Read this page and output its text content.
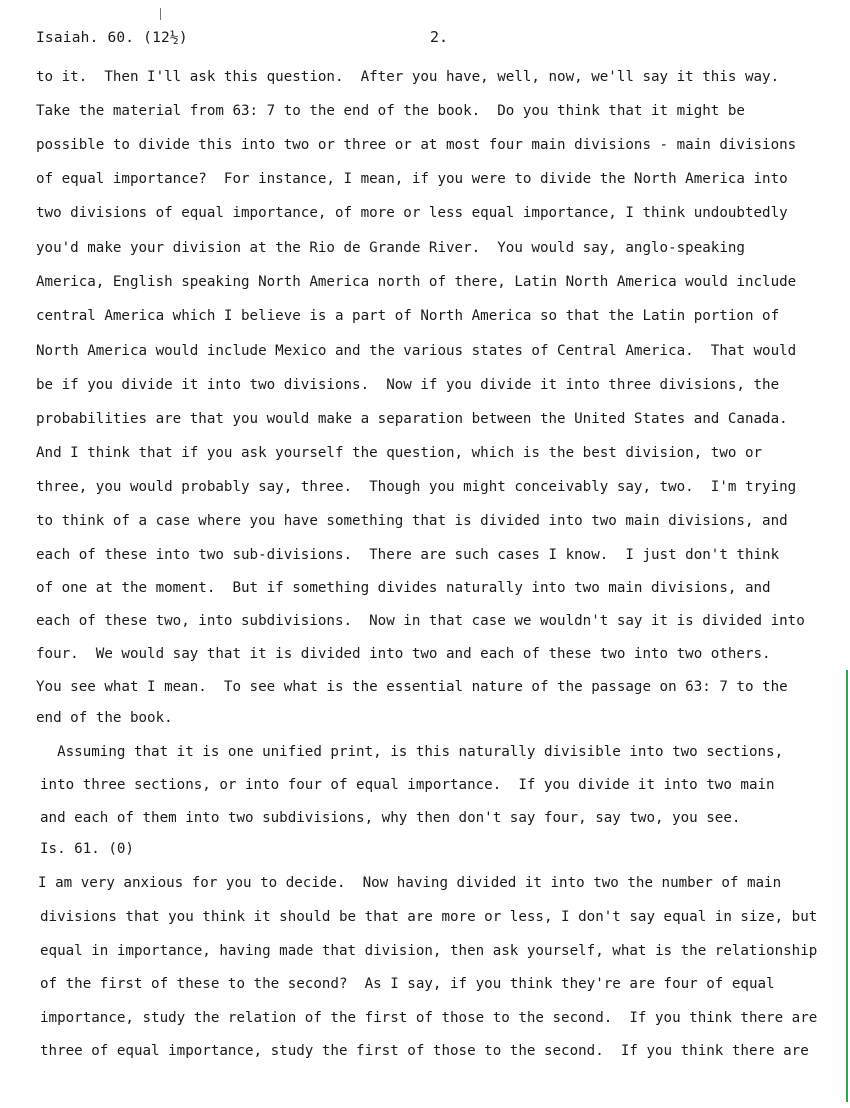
Isaiah. 60. (12½)	2.
to it.  Then I'll ask this question.  After you have, well, now, we'll say it this way.
Take the material from 63: 7 to the end of the book.  Do you think that it might be
possible to divide this into two or three or at most four main divisions - main divisions
of equal importance?  For instance, I mean, if you were to divide the North America into
two divisions of equal importance, of more or less equal importance, I think undoubtedly
you'd make your division at the Rio de Grande River.  You would say, anglo-speaking
America, English speaking North America north of there, Latin North America would include
central America which I believe is a part of North America so that the Latin portion of
North America would include Mexico and the various states of Central America.  That would
be if you divide it into two divisions.  Now if you divide it into three divisions, the
probabilities are that you would make a separation between the United States and Canada.
And I think that if you ask yourself the question, which is the best division, two or
three, you would probably say, three.  Though you might conceivably say, two.  I'm trying
to think of a case where you have something that is divided into two main divisions, and
each of these into two sub-divisions.  There are such cases I know.  I just don't think
of one at the moment.  But if something divides naturally into two main divisions, and
each of these two, into subdivisions.  Now in that case we wouldn't say it is divided into
four.  We would say that it is divided into two and each of these two into two others.
You see what I mean.  To see what is the essential nature of the passage on 63: 7 to the
end of the book.
Assuming that it is one unified print, is this naturally divisible into two sections,
into three sections, or into four of equal importance.  If you divide it into two main
and each of them into two subdivisions, why then don't say four, say two, you see.
Is. 61. (0)
I am very anxious for you to decide.  Now having divided it into two the number of main
divisions that you think it should be that are more or less, I don't say equal in size, but
equal in importance, having made that division, then ask yourself, what is the relationship
of the first of these to the second?  As I say, if you think they're are four of equal
importance, study the relation of the first of those to the second.  If you think there are
three of equal importance, study the first of those to the second.  If you think there are
